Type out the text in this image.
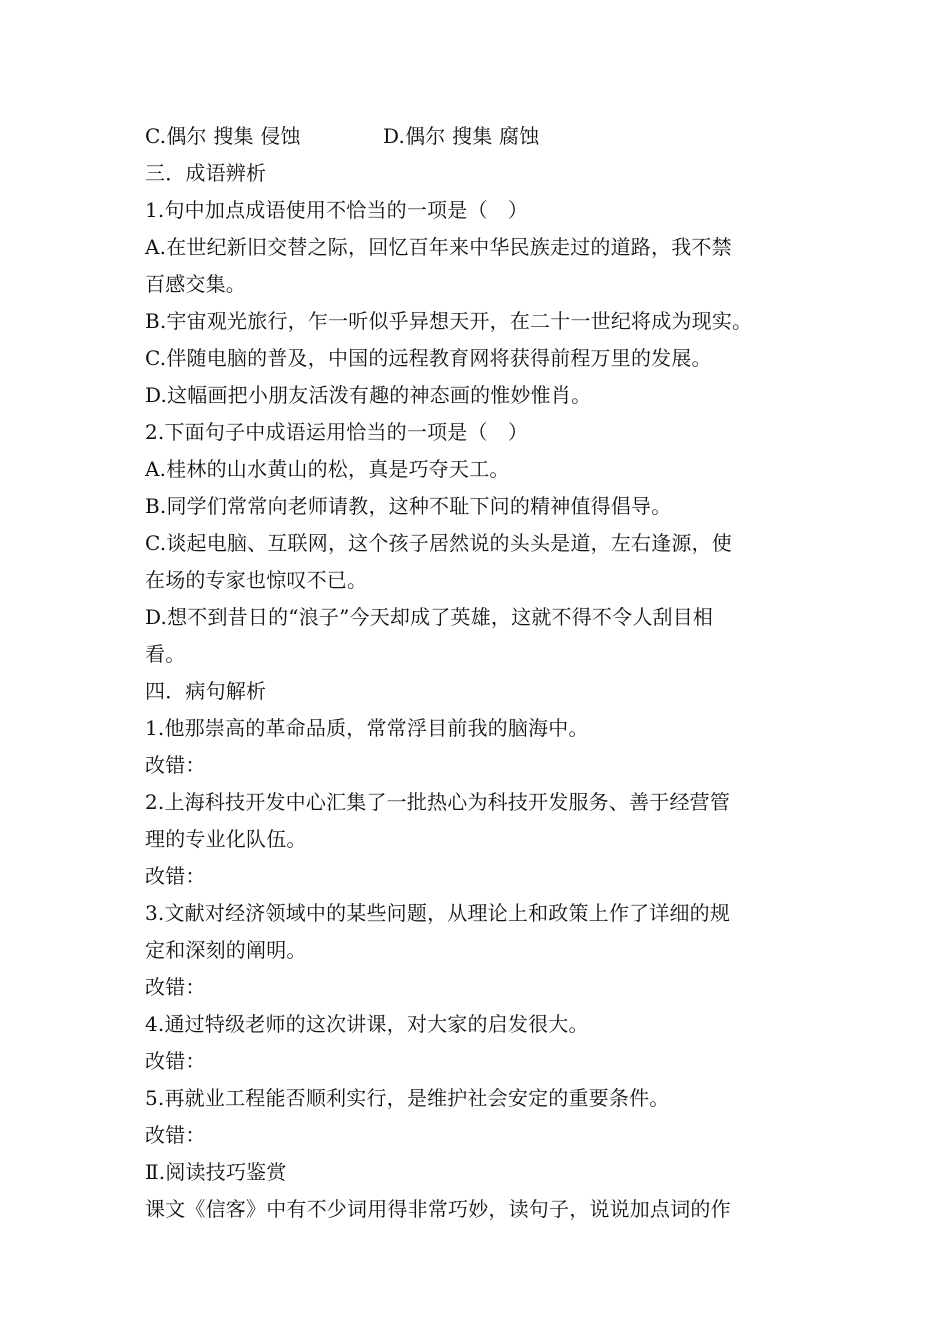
C.偶尔 搜集 侵蚀	D.偶尔 搜集 腐蚀
三．成语辨析
1.句中加点成语使用不恰当的一项是（　）
A.在世纪新旧交替之际，回忆百年来中华民族走过的道路，我不禁
百感交集。
B.宇宙观光旅行，乍一听似乎异想天开，在二十一世纪将成为现实。
C.伴随电脑的普及，中国的远程教育网将获得前程万里的发展。
D.这幅画把小朋友活泼有趣的神态画的惟妙惟肖。
2.下面句子中成语运用恰当的一项是（　）
A.桂林的山水黄山的松，真是巧夺天工。
B.同学们常常向老师请教，这种不耻下问的精神值得倡导。
C.谈起电脑、互联网，这个孩子居然说的头头是道，左右逢源，使
在场的专家也惊叹不已。
D.想不到昔日的“浪子”今天却成了英雄，这就不得不令人刮目相
看。
四．病句解析
1.他那崇高的革命品质，常常浮目前我的脑海中。
改错：
2.上海科技开发中心汇集了一批热心为科技开发服务、善于经营管
理的专业化队伍。
改错：
3.文献对经济领域中的某些问题，从理论上和政策上作了详细的规
定和深刻的阐明。
改错：
4.通过特级老师的这次讲课，对大家的启发很大。
改错：
5.再就业工程能否顺利实行，是维护社会安定的重要条件。
改错：
Ⅱ.阅读技巧鉴赏
课文《信客》中有不少词用得非常巧妙，读句子，说说加点词的作
